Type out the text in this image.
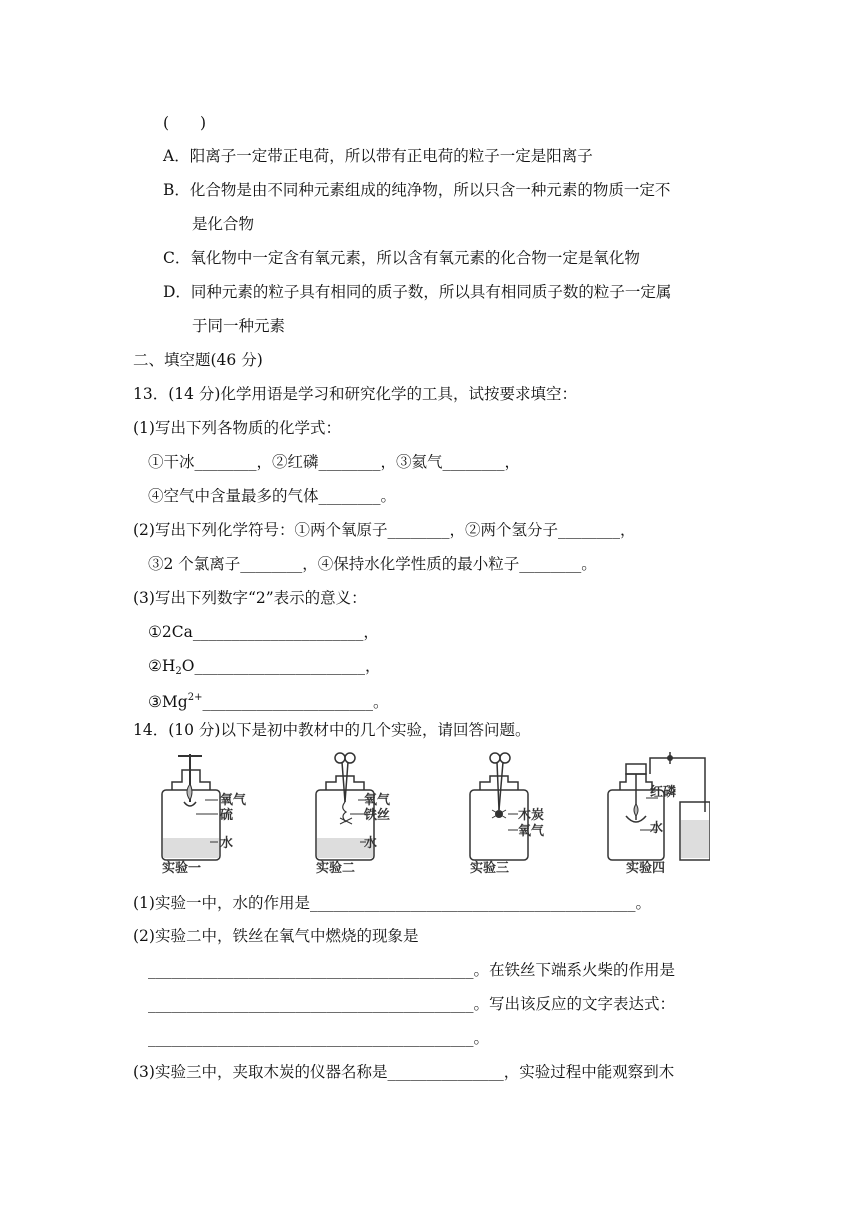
(　　)
A．阳离子一定带正电荷，所以带有正电荷的粒子一定是阳离子
B．化合物是由不同种元素组成的纯净物，所以只含一种元素的物质一定不
是化合物
C．氧化物中一定含有氧元素，所以含有氧元素的化合物一定是氧化物
D．同种元素的粒子具有相同的质子数，所以具有相同质子数的粒子一定属
于同一种元素
二、填空题(46 分)
13．(14 分)化学用语是学习和研究化学的工具，试按要求填空：
(1)写出下列各物质的化学式：
①干冰________，②红磷________，③氦气________，
④空气中含量最多的气体________。
(2)写出下列化学符号：①两个氧原子________，②两个氢分子________，
③2 个氯离子________，④保持水化学性质的最小粒子________。
(3)写出下列数字“2”表示的意义：
①2Ca______________________，
$②H_2O\_\_\_\_\_\_\_\_\_\_\_\_\_\_\_\_\_\_\_\_\_\_$，
$③Mg^{2+}\_\_\_\_\_\_\_\_\_\_\_\_\_\_\_\_\_\_\_\_\_\_$。
14．(10 分)以下是初中教材中的几个实验，请回答问题。
氧气
硫
水
实验一
氧气
铁丝
水
实验二
木炭
氧气
实验三
红磷
水
实验四
(1)实验一中，水的作用是__________________________________________。
(2)实验二中，铁丝在氧气中燃烧的现象是
__________________________________________。在铁丝下端系火柴的作用是
__________________________________________。写出该反应的文字表达式：
__________________________________________。
(3)实验三中，夹取木炭的仪器名称是_______________，实验过程中能观察到木
